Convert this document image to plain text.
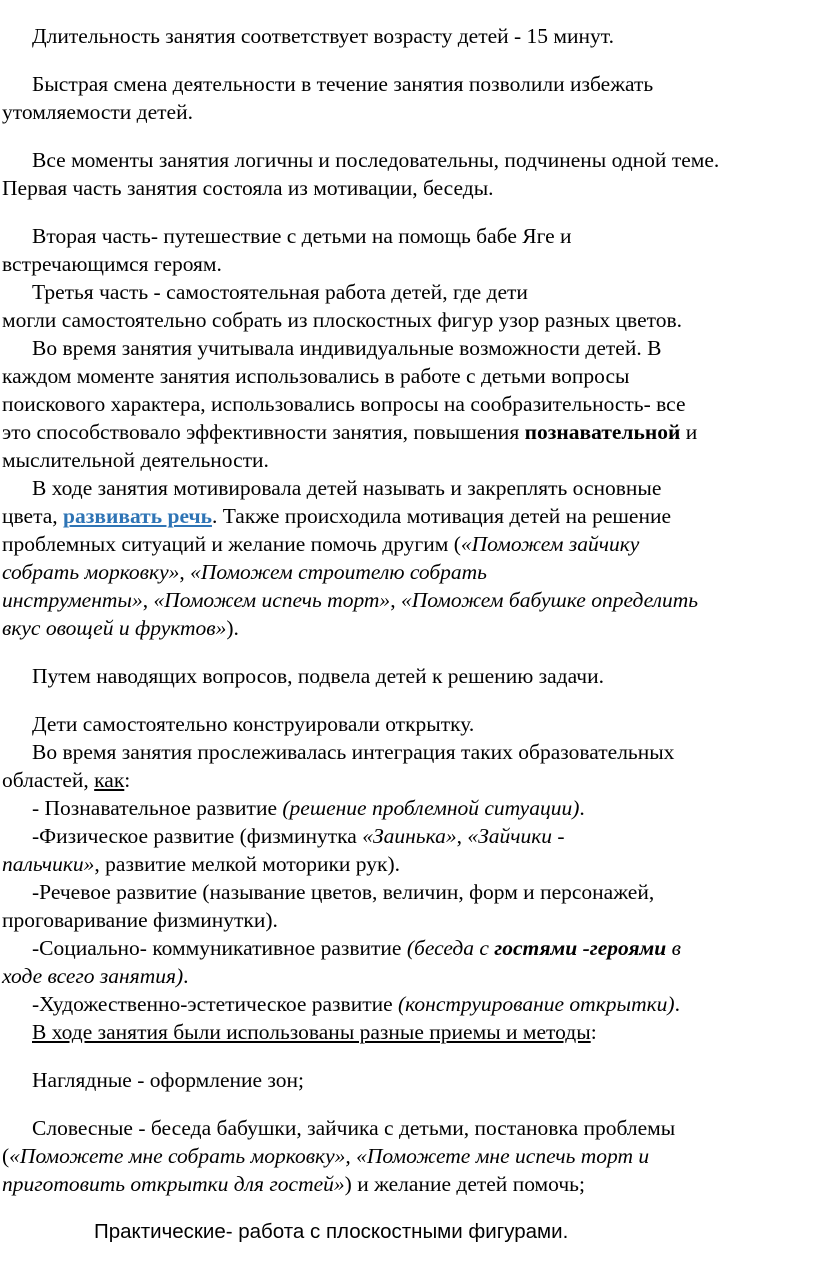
Длительность занятия соответствует возрасту детей - 15 минут.

Быстрая смена деятельности в течение занятия позволили избежать
утомляемости детей.

Все моменты занятия логичны и последовательны, подчинены одной теме.
Первая часть занятия состояла из мотивации, беседы.

Вторая часть- путешествие с детьми на помощь бабе Яге и
встречающимся героям.

Третья часть - самостоятельная работа детей, где дети
могли самостоятельно собрать из плоскостных фигур узор разных цветов.

Во время занятия учитывала индивидуальные возможности детей. В
каждом моменте занятия использовались в работе с детьми вопросы
поискового характера, использовались вопросы на сообразительность- все
это способствовало эффективности занятия, повышения познавательной и
мыслительной деятельности.

В ходе занятия мотивировала детей называть и закреплять основные
цвета, развивать речь. Также происходила мотивация детей на решение
проблемных ситуаций и желание помочь другим («Поможем зайчику
собрать морковку», «Поможем строителю собрать
инструменты», «Поможем испечь торт», «Поможем бабушке определить
вкус овощей и фруктов»).

Путем наводящих вопросов, подвела детей к решению задачи.

Дети самостоятельно конструировали открытку.

Во время занятия прослеживалась интеграция таких образовательных
областей, как:

- Познавательное развитие (решение проблемной ситуации).

-Физическое развитие (физминутка «Заинька», «Зайчики -
пальчики», развитие мелкой моторики рук).

-Речевое развитие (называние цветов, величин, форм и персонажей,
проговаривание физминутки).

-Социально- коммуникативное развитие (беседа с гостями -героями в
ходе всего занятия).

-Художественно-эстетическое развитие (конструирование открытки).

В ходе занятия были использованы разные приемы и методы:

Наглядные - оформление зон;

Словесные - беседа бабушки, зайчика с детьми, постановка проблемы
(«Поможете мне собрать морковку», «Поможете мне испечь торт и
приготовить открытки для гостей») и желание детей помочь;

Практические- работа с плоскостными фигурами.
